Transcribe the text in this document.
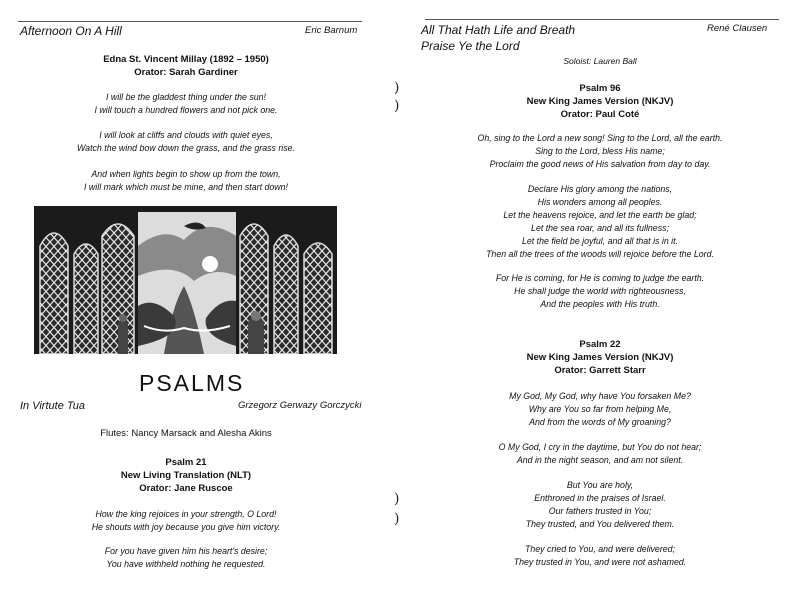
Afternoon On A Hill	Eric Barnum
Edna St. Vincent Millay (1892 – 1950)
Orator: Sarah Gardiner
I will be the gladdest thing under the sun!
I will touch a hundred flowers and not pick one.
I will look at cliffs and clouds with quiet eyes,
Watch the wind bow down the grass, and the grass rise.
And when lights begin to show up from the town,
I will mark which must be mine, and then start down!
PSALMS
In Virtute Tua	Grzegorz Gerwazy Gorczycki
Flutes: Nancy Marsack and Alesha Akins
Psalm 21
New Living Translation (NLT)
Orator: Jane Ruscoe
How the king rejoices in your strength, O Lord!
He shouts with joy because you give him victory.
For you have given him his heart's desire;
You have withheld nothing he requested.
)
)
)
)
All That Hath Life and Breath
Praise Ye the Lord
René Clausen
Soloist: Lauren Ball
Psalm 96
New King James Version (NKJV)
Orator: Paul Coté
Oh, sing to the Lord a new song! Sing to the Lord, all the earth.
Sing to the Lord, bless His name;
Proclaim the good news of His salvation from day to day.
Declare His glory among the nations,
His wonders among all peoples.
Let the heavens rejoice, and let the earth be glad;
Let the sea roar, and all its fullness;
Let the field be joyful, and all that is in it.
Then all the trees of the woods will rejoice before the Lord.
For He is coming, for He is coming to judge the earth.
He shall judge the world with righteousness,
And the peoples with His truth.
Psalm 22
New King James Version (NKJV)
Orator: Garrett Starr
My God, My God, why have You forsaken Me?
Why are You so far from helping Me,
And from the words of My groaning?
O My God, I cry in the daytime, but You do not hear;
And in the night season, and am not silent.
But You are holy,
Enthroned in the praises of Israel.
Our fathers trusted in You;
They trusted, and You delivered them.
They cried to You, and were delivered;
They trusted in You, and were not ashamed.
